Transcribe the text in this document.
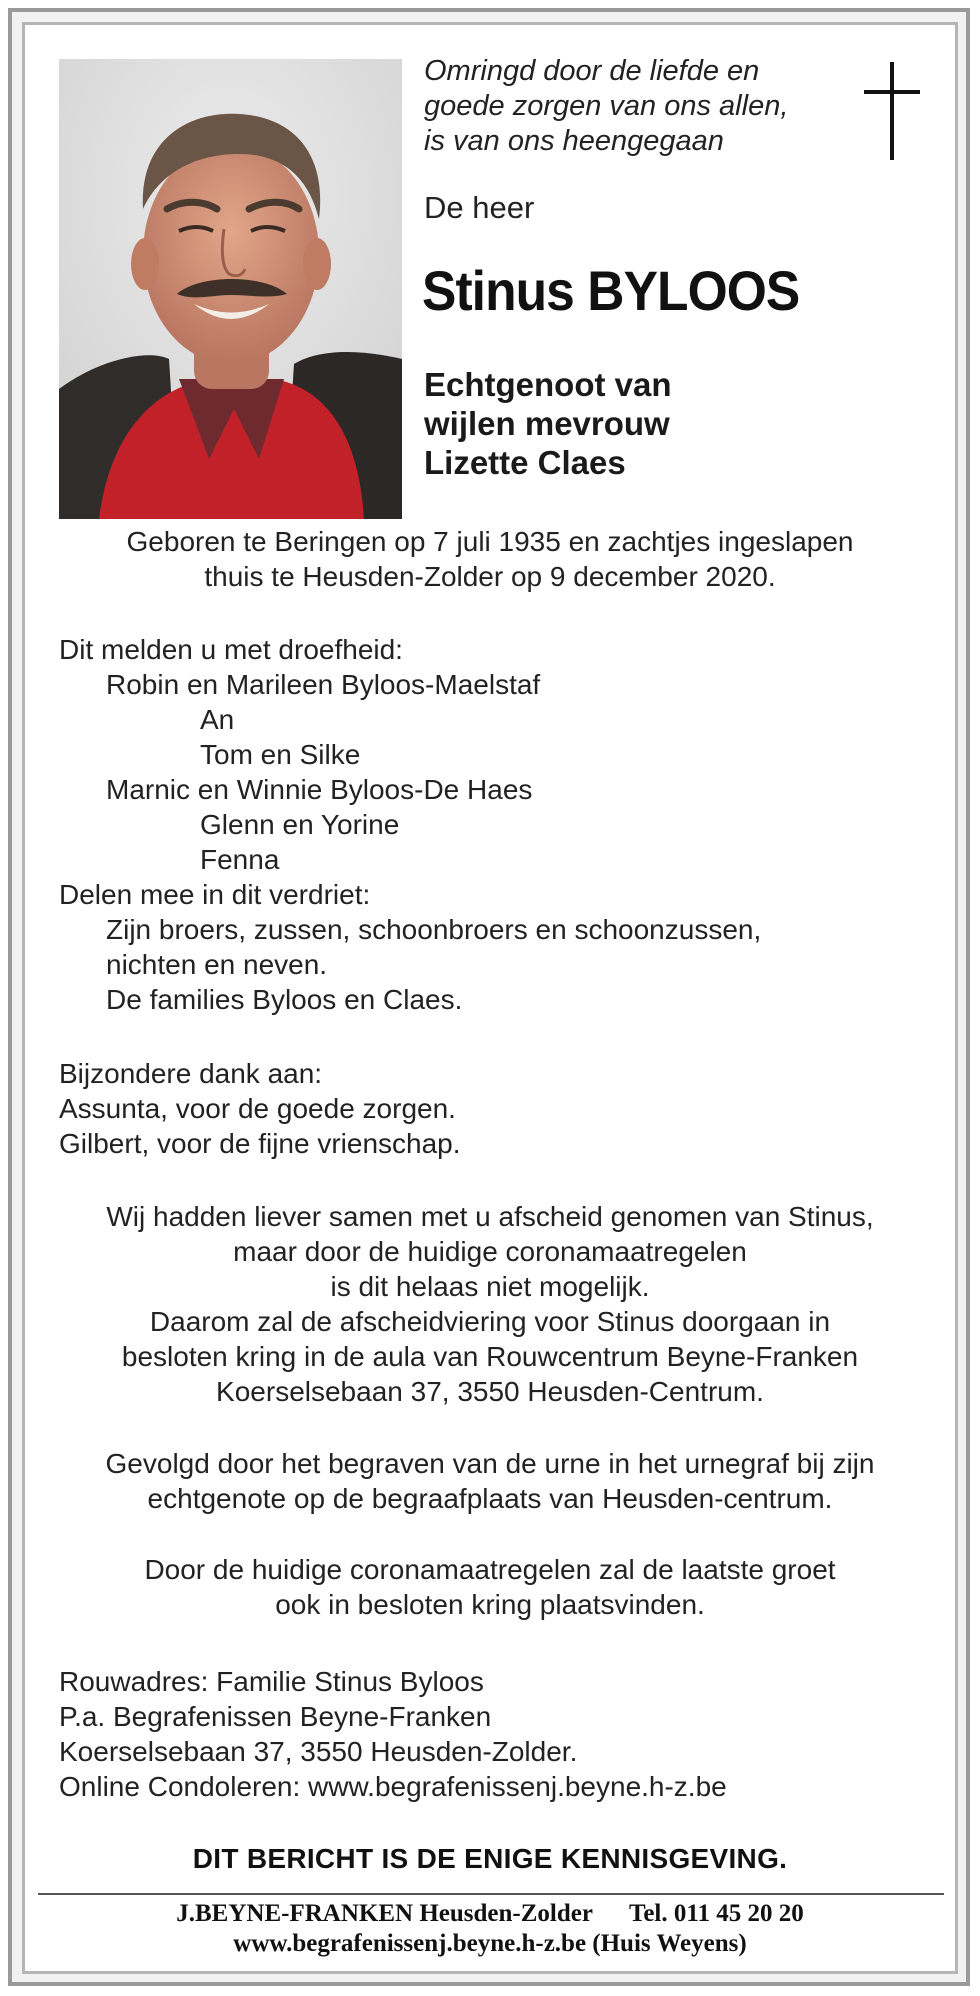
Omringd door de liefde en
goede zorgen van ons allen,
is van ons heengegaan
De heer
Stinus BYLOOS
Echtgenoot van
wijlen mevrouw
Lizette Claes
Geboren te Beringen op 7 juli 1935 en zachtjes ingeslapen
thuis te Heusden-Zolder op 9 december 2020.
Dit melden u met droefheid:
Robin en Marileen Byloos-Maelstaf
An
Tom en Silke
Marnic en Winnie Byloos-De Haes
Glenn en Yorine
Fenna
Delen mee in dit verdriet:
Zijn broers, zussen, schoonbroers en schoonzussen,
nichten en neven.
De families Byloos en Claes.
Bijzondere dank aan:
Assunta, voor de goede zorgen.
Gilbert, voor de fijne vrienschap.
Wij hadden liever samen met u afscheid genomen van Stinus,
maar door de huidige coronamaatregelen
is dit helaas niet mogelijk.
Daarom zal de afscheidviering voor Stinus doorgaan in
besloten kring in de aula van Rouwcentrum Beyne-Franken
Koerselsebaan 37, 3550 Heusden-Centrum.
Gevolgd door het begraven van de urne in het urnegraf bij zijn
echtgenote op de begraafplaats van Heusden-centrum.
Door de huidige coronamaatregelen zal de laatste groet
ook in besloten kring plaatsvinden.
Rouwadres: Familie Stinus Byloos
P.a. Begrafenissen Beyne-Franken
Koerselsebaan 37, 3550 Heusden-Zolder.
Online Condoleren: www.begrafenissenj.beyne.h-z.be
DIT BERICHT IS DE ENIGE KENNISGEVING.
J.BEYNE-FRANKEN Heusden-Zolder Tel. 011 45 20 20
www.begrafenissenj.beyne.h-z.be (Huis Weyens)
